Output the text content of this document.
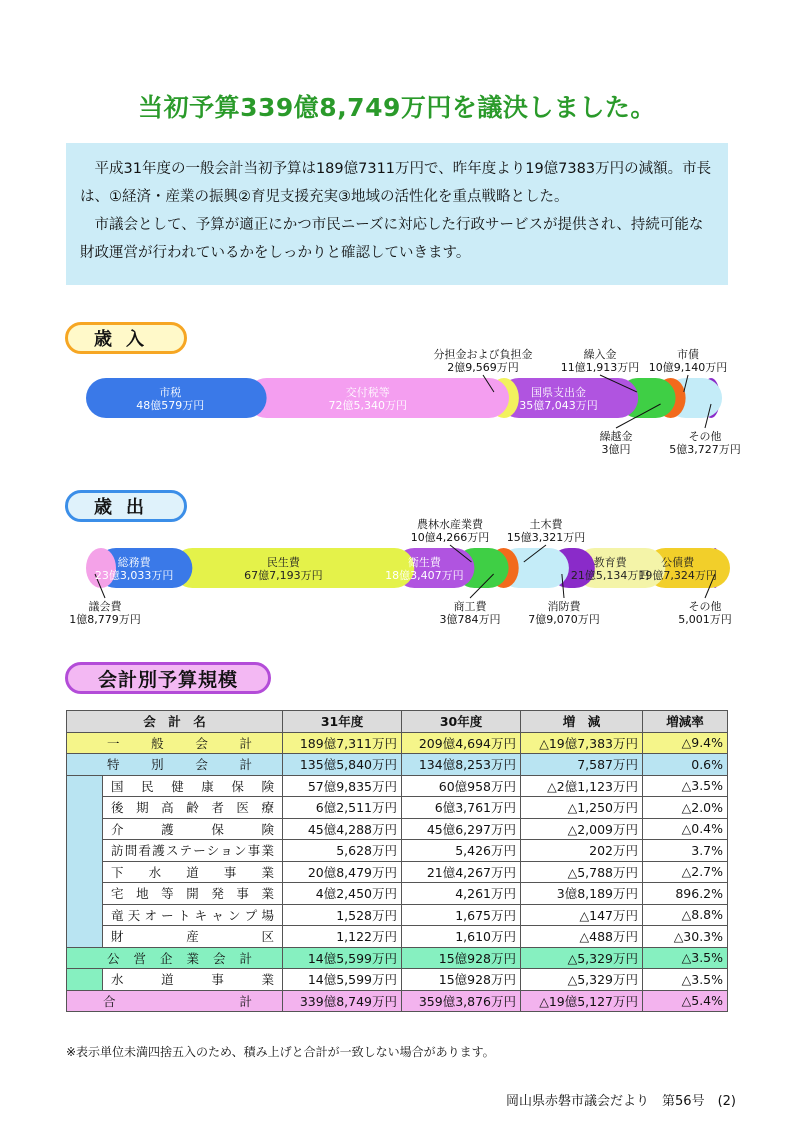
当初予算339億8,749万円を議決しました。

平成31年度の一般会計当初予算は189億7311万円で、昨年度より19億7383万円の減額。市長は、①経済・産業の振興②育児支援充実③地域の活性化を重点戦略とした。

市議会として、予算が適正にかつ市民ニーズに対応した行政サービスが提供され、持続可能な財政運営が行われているかをしっかりと確認していきます。

歳入
市税
48億579万円
交付税等
72億5,340万円
分担金および負担金
2億9,569万円
国県支出金
35億7,043万円
繰入金
11億1,913万円
繰越金
3億円
市債
10億9,140万円
その他
5億3,727万円
歳出
議会費
1億8,779万円
総務費
23億3,033万円
民生費
67億7,193万円
衛生費
18億3,407万円
農林水産業費
10億4,266万円
商工費
3億784万円
土木費
15億3,321万円
消防費
7億9,070万円
教育費
21億5,134万円
公債費
19億7,324万円
その他
5,001万円
会計別予算規模
会　計　名		31年度	30年度	増　減	増減率

一般会計		189億7,311万円	209億4,694万円	△19億7,383万円	△9.4%

特別会計		135億5,840万円	134億8,253万円	7,587万円	0.6%

	国民健康保険	57億9,835万円	60億958万円	△2億1,123万円	△3.5%

	後期高齢者医療	6億2,511万円	6億3,761万円	△1,250万円	△2.0%

	介護保険	45億4,288万円	45億6,297万円	△2,009万円	△0.4%

	訪問看護ステーション事業	5,628万円	5,426万円	202万円	3.7%

	下水道事業	20億8,479万円	21億4,267万円	△5,788万円	△2.7%

	宅地等開発事業	4億2,450万円	4,261万円	3億8,189万円	896.2%

	竜天オートキャンプ場	1,528万円	1,675万円	△147万円	△8.8%

	財産区	1,122万円	1,610万円	△488万円	△30.3%

公営企業会計		14億5,599万円	15億928万円	△5,329万円	△3.5%

	水道事業	14億5,599万円	15億928万円	△5,329万円	△3.5%

合計		339億8,749万円	359億3,876万円	△19億5,127万円	△5.4%
※表示単位未満四捨五入のため、積み上げと合計が一致しない場合があります。
岡山県赤磐市議会だより　第56号　(2)
